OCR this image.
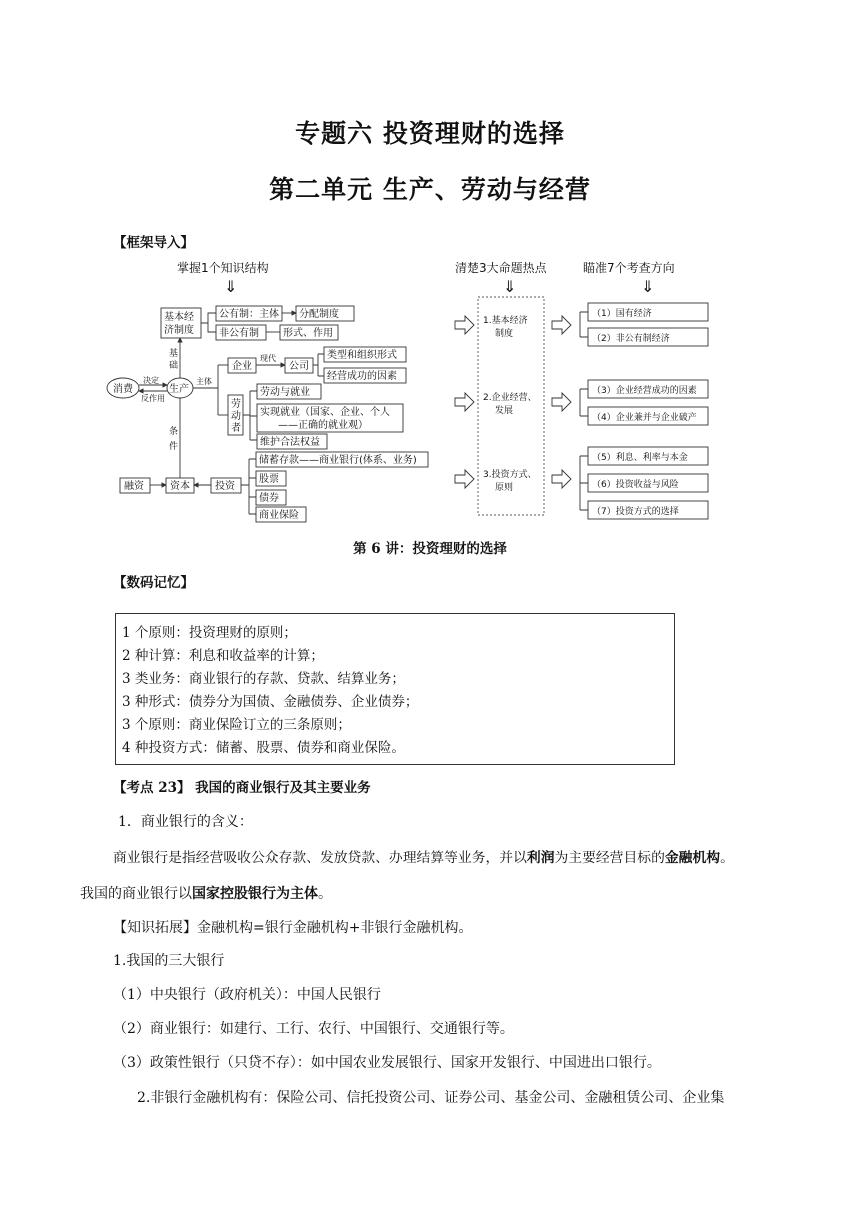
专题六 投资理财的选择
第二单元 生产、劳动与经营
【框架导入】
掌握1个知识结构	清楚3大命题热点	瞄准7个考查方向
⇓	⇓	⇓
基本经
济制度
公有制：主体 分配制度
非公有制 形式、作用
消费	生产
决定
反作用
基
础
条
件
主体
企业
现代
公司
类型和组织形式
经营成功的因素
劳
动
者
劳动与就业
实现就业（国家、企业、个人
——正确的就业观）
维护合法权益
融资	资本	投资
储蓄存款——商业银行(体系、业务)
股票
债券
商业保险
1.基本经济
制度
2.企业经营、
发展
3.投资方式、
原则
（1）国有经济
（2）非公有制经济
（3）企业经营成功的因素
（4）企业兼并与企业破产
（5）利息、利率与本金
（6）投资收益与风险
（7）投资方式的选择
第 6 讲：投资理财的选择
【数码记忆】
1 个原则：投资理财的原则；
2 种计算：利息和收益率的计算；
3 类业务：商业银行的存款、贷款、结算业务；
3 种形式：债券分为国债、金融债券、企业债券；
3 个原则：商业保险订立的三条原则；
4 种投资方式：储蓄、股票、债券和商业保险。
【考点 23】 我国的商业银行及其主要业务
1．商业银行的含义：
商业银行是指经营吸收公众存款、发放贷款、办理结算等业务，并以利润为主要经营目标的金融机构。
我国的商业银行以国家控股银行为主体。
【知识拓展】金融机构=银行金融机构+非银行金融机构。
1.我国的三大银行
（1）中央银行（政府机关）：中国人民银行
（2）商业银行：如建行、工行、农行、中国银行、交通银行等。
（3）政策性银行（只贷不存）：如中国农业发展银行、国家开发银行、中国进出口银行。
2.非银行金融机构有：保险公司、信托投资公司、证券公司、基金公司、金融租赁公司、企业集
